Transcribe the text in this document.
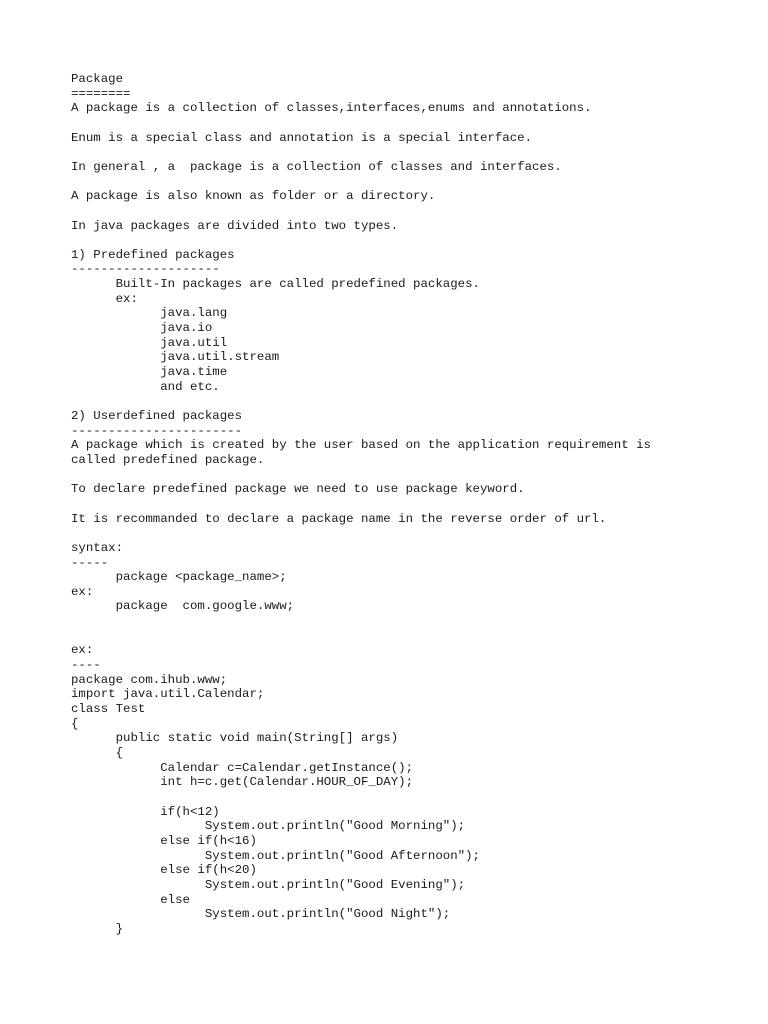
Package
========
A package is a collection of classes,interfaces,enums and annotations.
Enum is a special class and annotation is a special interface.
In general , a  package is a collection of classes and interfaces.
A package is also known as folder or a directory.
In java packages are divided into two types.
1) Predefined packages
--------------------
Built-In packages are called predefined packages.
ex:
java.lang
java.io
java.util
java.util.stream
java.time
and etc.
2) Userdefined packages
-----------------------
A package which is created by the user based on the application requirement is
called predefined package.
To declare predefined package we need to use package keyword.
It is recommanded to declare a package name in the reverse order of url.
syntax:
-----
package <package_name>;
ex:
package  com.google.www;
ex:
----
package com.ihub.www;
import java.util.Calendar;
class Test
{
public static void main(String[] args)
{
Calendar c=Calendar.getInstance();
int h=c.get(Calendar.HOUR_OF_DAY);
if(h<12)
System.out.println("Good Morning");
else if(h<16)
System.out.println("Good Afternoon");
else if(h<20)
System.out.println("Good Evening");
else
System.out.println("Good Night");
}
